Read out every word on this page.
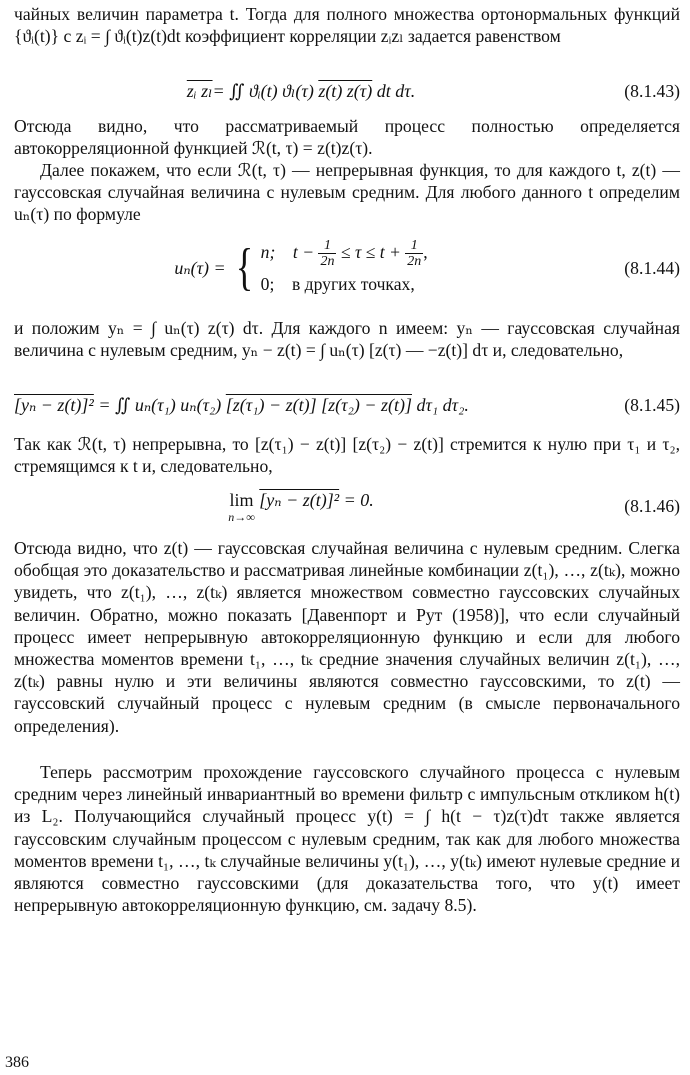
чайных величин параметра t. Тогда для полного множества ортонормальных функций {ϑᵢ(t)} с zᵢ = ∫ ϑᵢ(t)z(t)dt коэффициент корреляции zᵢzₗ задается равенством

zᵢ zₗ= ∬ ϑᵢ(t) ϑₗ(τ) z(t) z(τ) dt dτ.	(8.1.43)

Отсюда видно, что рассматриваемый процесс полностью определяется автокорреляционной функцией ℛ(t, τ) = z(t)z(τ).

Далее покажем, что если ℛ(t, τ) — непрерывная функция, то для каждого t, z(t) — гауссовская случайная величина с нулевым средним. Для любого данного t определим uₙ(τ) по формуле

uₙ(τ) = { n; $t - \frac{1}{2n} \le \tau \le t + \frac{1}{2n}$ ,
0; в других точках,
(8.1.44)

и положим yₙ = ∫ uₙ(τ) z(τ) dτ. Для каждого n имеем: yₙ — гауссовская случайная величина с нулевым средним, yₙ − z(t) = ∫ uₙ(τ) [z(τ) — −z(t)] dτ и, следовательно,

[yₙ − z(t)]² = ∬ uₙ(τ₁) uₙ(τ₂) [z(τ₁) − z(t)] [z(τ₂) − z(t)] dτ₁ dτ₂.	(8.1.45)

Так как ℛ(t, τ) непрерывна, то [z(τ₁) − z(t)] [z(τ₂) − z(t)] стремится к нулю при τ₁ и τ₂, стремящимся к t и, следовательно,

lim
n→∞
[yₙ − z(t)]² = 0.	(8.1.46)

Отсюда видно, что z(t) — гауссовская случайная величина с нулевым средним. Слегка обобщая это доказательство и рассматривая линейные комбинации z(t₁), …, z(tₖ), можно увидеть, что z(t₁), …, z(tₖ) является множеством совместно гауссовских случайных величин. Обратно, можно показать [Давенпорт и Рут (1958)], что если случайный процесс имеет непрерывную автокорреляционную функцию и если для любого множества моментов времени t₁, …, tₖ средние значения случайных величин z(t₁), …, z(tₖ) равны нулю и эти величины являются совместно гауссовскими, то z(t) — гауссовский случайный процесс с нулевым средним (в смысле первоначального определения).

Теперь рассмотрим прохождение гауссовского случайного процесса с нулевым средним через линейный инвариантный во времени фильтр с импульсным откликом h(t) из L₂. Получающийся случайный процесс y(t) = ∫ h(t − τ)z(τ)dτ также является гауссовским случайным процессом с нулевым средним, так как для любого множества моментов времени t₁, …, tₖ случайные величины y(t₁), …, y(tₖ) имеют нулевые средние и являются совместно гауссовскими (для доказательства того, что y(t) имеет непрерывную автокорреляционную функцию, см. задачу 8.5).

386
